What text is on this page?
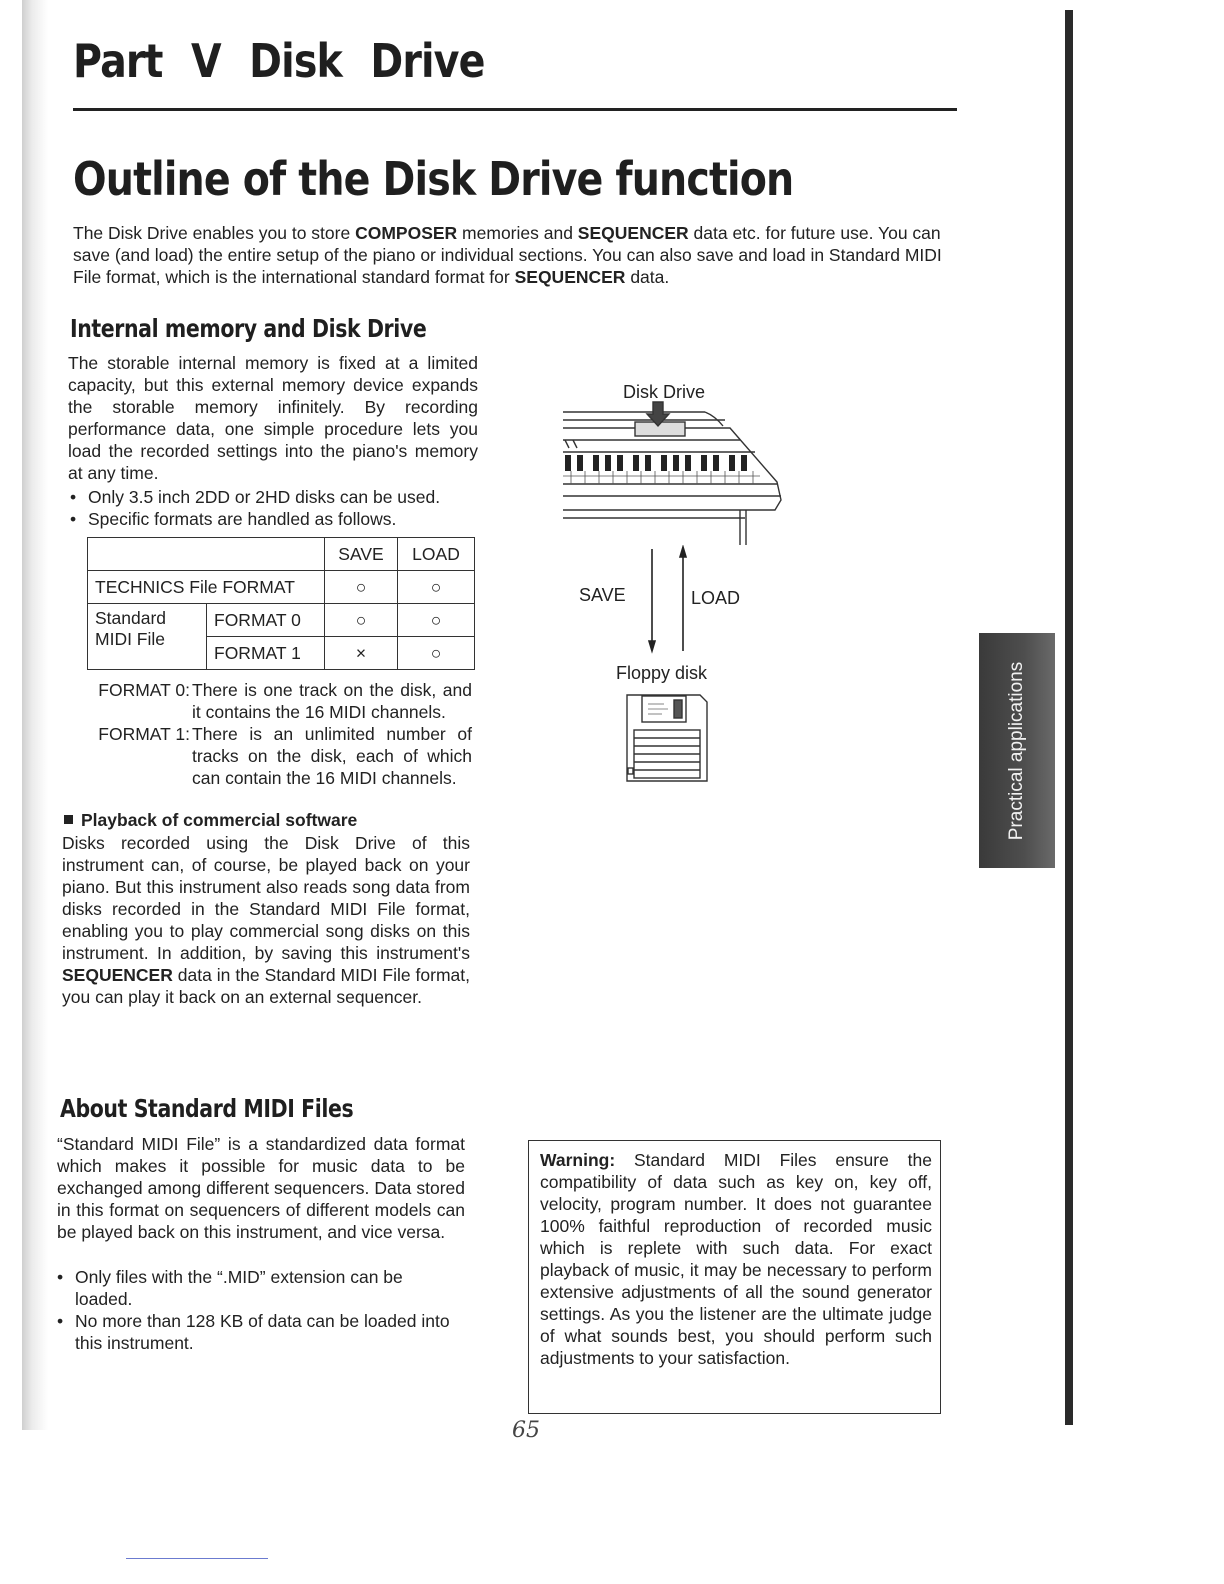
Part V Disk Drive
Outline of the Disk Drive function

The Disk Drive enables you to store COMPOSER memories and SEQUENCER data etc. for future use. You can save (and load) the entire setup of the piano or individual sections. You can also save and load in Standard MIDI File format, which is the international standard format for SEQUENCER data.

Internal memory and Disk Drive

The storable internal memory is fixed at a limited capacity, but this external memory device expands the storable memory infinitely. By recording performance data, one simple procedure lets you load the recorded settings into the piano's memory at any time.

• Only 3.5 inch 2DD or 2HD disks can be used.
• Specific formats are handled as follows.
		SAVE	LOAD
TECHNICS File FORMAT		○	○
Standard MIDI File	FORMAT 0	○	○
	FORMAT 1	×	○
FORMAT 0: There is one track on the disk, and it contains the 16 MIDI channels.
FORMAT 1: There is an unlimited number of tracks on the disk, each of which can contain the 16 MIDI channels.

Playback of commercial software

Disks recorded using the Disk Drive of this instrument can, of course, be played back on your piano. But this instrument also reads song data from disks recorded in the Standard MIDI File format, enabling you to play commercial song disks on this instrument. In addition, by saving this instrument's SEQUENCER data in the Standard MIDI File format, you can play it back on an external sequencer.

Disk Drive
SAVE	LOAD
Floppy disk	Practical applications
About Standard MIDI Files

“Standard MIDI File” is a standardized data format which makes it possible for music data to be exchanged among different sequencers. Data stored in this format on sequencers of different models can be played back on this instrument, and vice versa.

• Only files with the “.MID” extension can be loaded.
• No more than 128 KB of data can be loaded into this instrument.
Warning: Standard MIDI Files ensure the compatibility of data such as key on, key off, velocity, program number. It does not guarantee 100% faithful reproduction of recorded music which is replete with such data. For exact playback of music, it may be necessary to perform extensive adjustments of all the sound generator settings. As you the listener are the ultimate judge of what sounds best, you should perform such adjustments to your satisfaction.
65
